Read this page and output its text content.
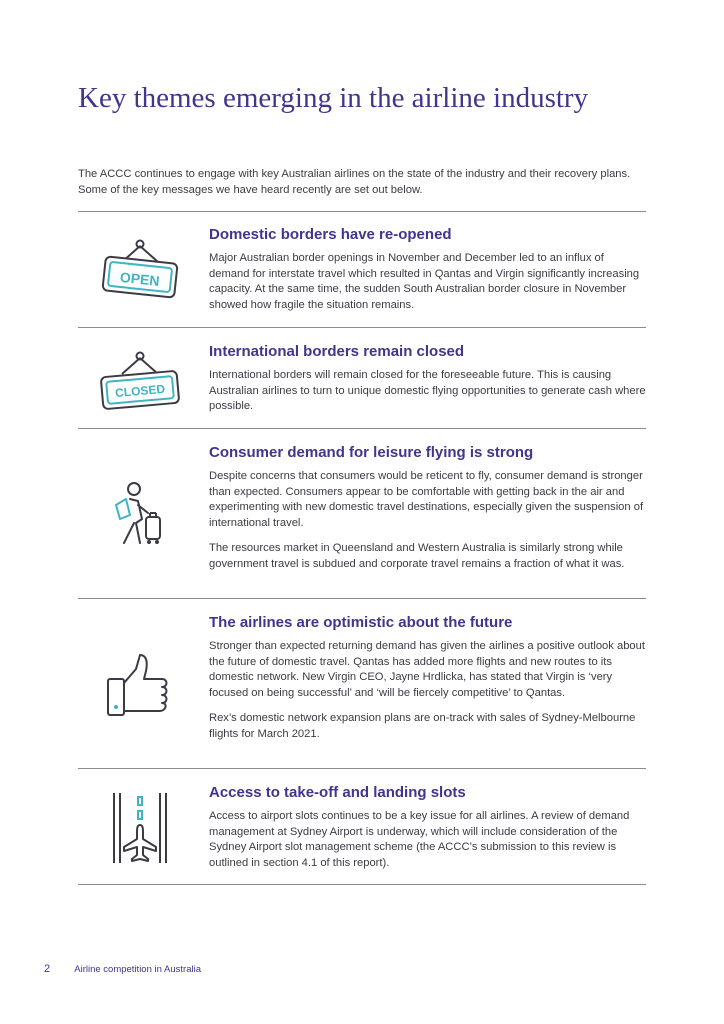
Key themes emerging in the airline industry

The ACCC continues to engage with key Australian airlines on the state of the industry and their recovery plans. Some of the key messages we have heard recently are set out below.

OPEN
Domestic borders have re-opened

Major Australian border openings in November and December led to an influx of demand for interstate travel which resulted in Qantas and Virgin significantly increasing capacity. At the same time, the sudden South Australian border closure in November showed how fragile the situation remains.

CLOSED
International borders remain closed

International borders will remain closed for the foreseeable future. This is causing Australian airlines to turn to unique domestic flying opportunities to generate cash where possible.

Consumer demand for leisure flying is strong

Despite concerns that consumers would be reticent to fly, consumer demand is stronger than expected. Consumers appear to be comfortable with getting back in the air and experimenting with new domestic travel destinations, especially given the suspension of international travel.

The resources market in Queensland and Western Australia is similarly strong while government travel is subdued and corporate travel remains a fraction of what it was.

The airlines are optimistic about the future

Stronger than expected returning demand has given the airlines a positive outlook about the future of domestic travel. Qantas has added more flights and new routes to its domestic network. New Virgin CEO, Jayne Hrdlicka, has stated that Virgin is ‘very focused on being successful’ and ‘will be fiercely competitive’ to Qantas.

Rex’s domestic network expansion plans are on-track with sales of Sydney-Melbourne flights for March 2021.

Access to take-off and landing slots

Access to airport slots continues to be a key issue for all airlines. A review of demand management at Sydney Airport is underway, which will include consideration of the Sydney Airport slot management scheme (the ACCC’s submission to this review is outlined in section 4.1 of this report).

2	Airline competition in Australia
